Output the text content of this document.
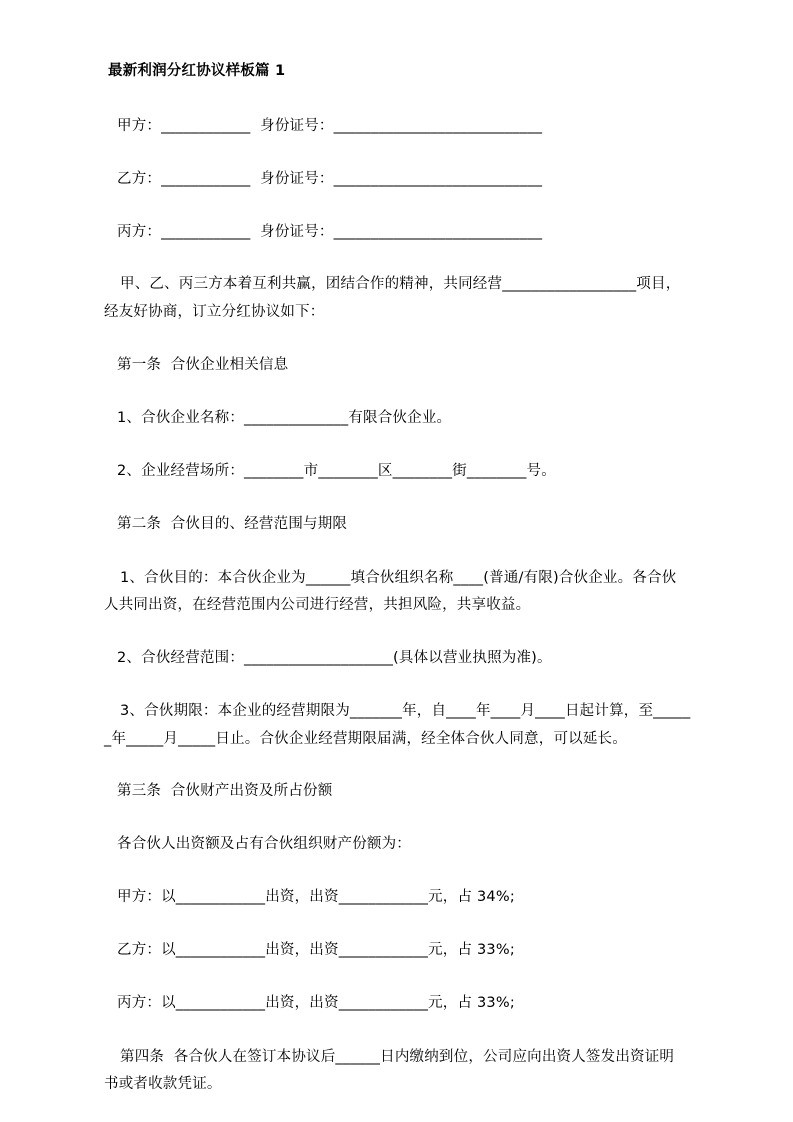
最新利润分红协议样板篇 1
甲方：____________  身份证号：____________________________
乙方：____________  身份证号：____________________________
丙方：____________  身份证号：____________________________
甲、乙、丙三方本着互利共赢，团结合作的精神，共同经营__________________项目，
经友好协商，订立分红协议如下：
第一条  合伙企业相关信息
1、合伙企业名称：______________有限合伙企业。
2、企业经营场所：________市________区________街________号。
第二条  合伙目的、经营范围与期限
1、合伙目的：本合伙企业为______填合伙组织名称____(普通/有限)合伙企业。各合伙
人共同出资，在经营范围内公司进行经营，共担风险，共享收益。
2、合伙经营范围：____________________(具体以营业执照为准)。
3、合伙期限：本企业的经营期限为_______年，自____年____月____日起计算，至_____
_年_____月_____日止。合伙企业经营期限届满，经全体合伙人同意，可以延长。
第三条  合伙财产出资及所占份额
各合伙人出资额及占有合伙组织财产份额为：
甲方：以____________出资，出资____________元，占 34%;
乙方：以____________出资，出资____________元，占 33%;
丙方：以____________出资，出资____________元，占 33%;
第四条  各合伙人在签订本协议后______日内缴纳到位，公司应向出资人签发出资证明
书或者收款凭证。
